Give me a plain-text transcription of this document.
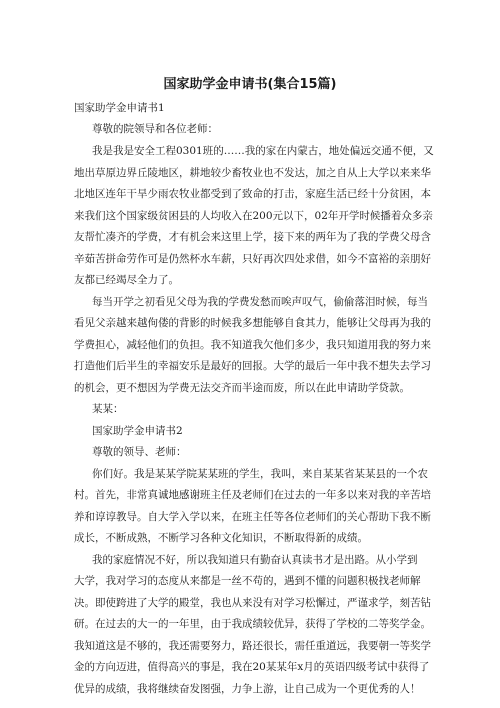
国家助学金申请书(集合15篇)
国家助学金申请书1
尊敬的院领导和各位老师：
我是我是安全工程0301班的……我的家在内蒙古，地处偏远交通不便，又
地出草原边界丘陵地区，耕地较少畜牧业也不发达，加之自从上大学以来来华
北地区连年干旱少雨农牧业都受到了致命的打击，家庭生活已经十分贫困，本
来我们这个国家级贫困县的人均收入在200元以下，02年开学时候播着众多亲
友帮忙凑齐的学费，才有机会来这里上学，接下来的两年为了我的学费父母含
辛茹苦拼命劳作可是仍然杯水车薪，只好再次四处求借，如今不富裕的亲朋好
友都已经竭尽全力了。
每当开学之初看见父母为我的学费发愁而唉声叹气，偷偷落泪时候，每当
看见父亲越来越佝偻的背影的时候我多想能够自食其力，能够让父母再为我的
学费担心，减轻他们的负担。我不知道我欠他们多少，我只知道用我的努力来
打造他们后半生的幸福安乐是最好的回报。大学的最后一年中我不想失去学习
的机会，更不想因为学费无法交齐而半途而废，所以在此申请助学贷款。
某某：
国家助学金申请书2
尊敬的领导、老师：
你们好。我是某某学院某某班的学生，我叫，来自某某省某某县的一个农
村。首先，非常真诚地感谢班主任及老师们在过去的一年多以来对我的辛苦培
养和谆谆教导。自大学入学以来，在班主任等各位老师们的关心帮助下我不断
成长，不断成熟，不断学习各种文化知识，不断取得新的成绩。
我的家庭情况不好，所以我知道只有勤奋认真读书才是出路。从小学到
大学，我对学习的态度从来都是一丝不苟的，遇到不懂的问题积极找老师解
决。即使跨进了大学的殿堂，我也从来没有对学习松懈过，严谨求学，刻苦钻
研。在过去的大一的一年里，由于我成绩较优异，获得了学校的二等奖学金。
我知道这是不够的，我还需要努力，路还很长，需任重道远，我要朝一等奖学
金的方向迈进，值得高兴的事是，我在20某某年x月的英语四级考试中获得了
优异的成绩，我将继续奋发图强，力争上游，让自己成为一个更优秀的人！
